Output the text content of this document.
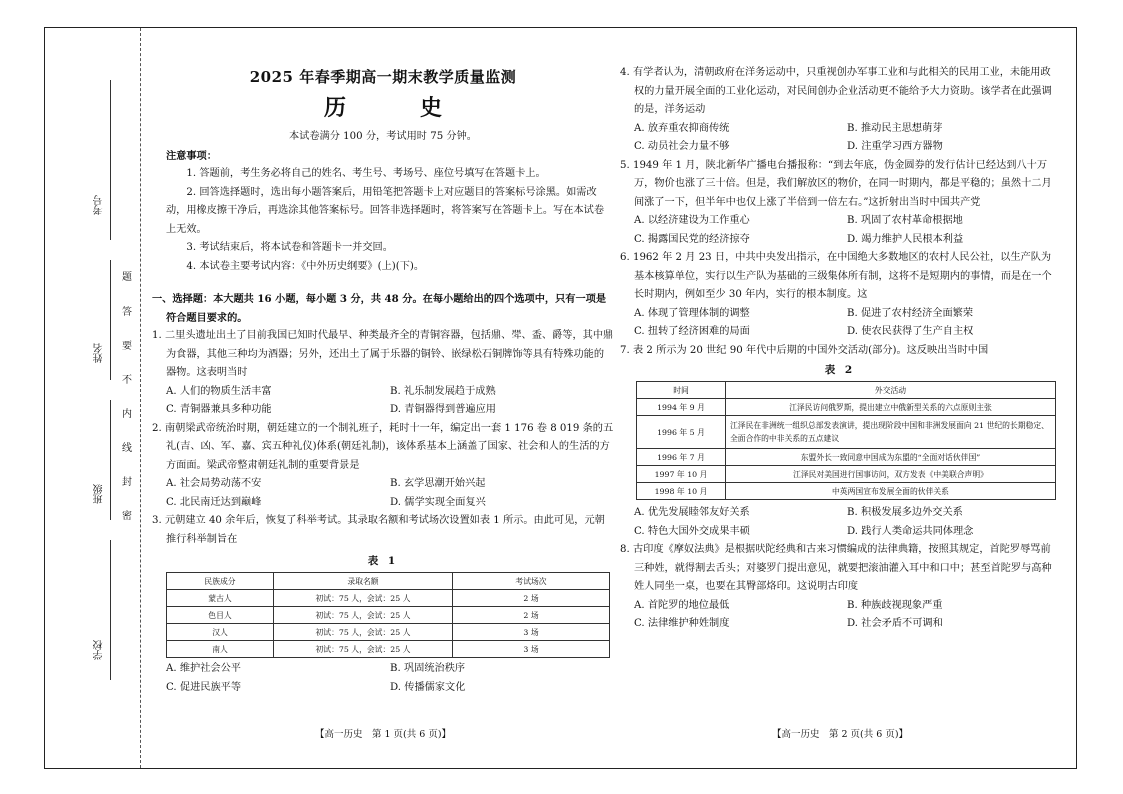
考号
姓名
班级
学校
题
答
要
不
内
线
封
密
2025 年春季期高一期末教学质量监测
历　史
本试卷满分 100 分，考试用时 75 分钟。
注意事项：
1. 答题前，考生务必将自己的姓名、考生号、考场号、座位号填写在答题卡上。
2. 回答选择题时，选出每小题答案后，用铅笔把答题卡上对应题目的答案标号涂黑。如需改动，用橡皮擦干净后，再选涂其他答案标号。回答非选择题时，将答案写在答题卡上。写在本试卷上无效。
3. 考试结束后，将本试卷和答题卡一并交回。
4. 本试卷主要考试内容：《中外历史纲要》(上)(下)。
一、选择题：本大题共 16 小题，每小题 3 分，共 48 分。在每小题给出的四个选项中，只有一项是符合题目要求的。
1. 二里头遗址出土了目前我国已知时代最早、种类最齐全的青铜容器，包括鼎、斝、盉、爵等，其中鼎为食器，其他三种均为酒器；另外，还出土了属于乐器的铜铃、嵌绿松石铜牌饰等具有特殊功能的器物。这表明当时
A. 人们的物质生活丰富	B. 礼乐制发展趋于成熟
C. 青铜器兼具多种功能	D. 青铜器得到普遍应用
2. 南朝梁武帝统治时期，朝廷建立的一个制礼班子，耗时十一年，编定出一套 1 176 卷 8 019 条的五礼(吉、凶、军、嘉、宾五种礼仪)体系(朝廷礼制)，该体系基本上涵盖了国家、社会和人的生活的方方面面。梁武帝整肃朝廷礼制的重要背景是
A. 社会局势动荡不安	B. 玄学思潮开始兴起
C. 北民南迁达到巅峰	D. 儒学实现全面复兴
3. 元朝建立 40 余年后，恢复了科举考试。其录取名额和考试场次设置如表 1 所示。由此可见，元朝推行科举制旨在
表 1
民族成分	录取名额	考试场次
蒙古人	初试：75 人，会试：25 人	2 场
色目人	初试：75 人，会试：25 人	2 场
汉人	初试：75 人，会试：25 人	3 场
南人	初试：75 人，会试：25 人	3 场
A. 维护社会公平	B. 巩固统治秩序
C. 促进民族平等	D. 传播儒家文化
【高一历史　第 1 页(共 6 页)】
4. 有学者认为，清朝政府在洋务运动中，只重视创办军事工业和与此相关的民用工业，未能用政权的力量开展全面的工业化运动，对民间创办企业活动更不能给予大力资助。该学者在此强调的是，洋务运动
A. 放弃重农抑商传统	B. 推动民主思想萌芽
C. 动员社会力量不够	D. 注重学习西方器物
5. 1949 年 1 月，陕北新华广播电台播报称：“到去年底，伪金圆券的发行估计已经达到八十万万，物价也涨了三十倍。但是，我们解放区的物价，在同一时期内，都是平稳的；虽然十二月间涨了一下，但半年中也仅上涨了半倍到一倍左右。”这折射出当时中国共产党
A. 以经济建设为工作重心	B. 巩固了农村革命根据地
C. 揭露国民党的经济掠夺	D. 竭力维护人民根本利益
6. 1962 年 2 月 23 日，中共中央发出指示，在中国绝大多数地区的农村人民公社，以生产队为基本核算单位，实行以生产队为基础的三级集体所有制，这将不是短期内的事情，而是在一个长时期内，例如至少 30 年内，实行的根本制度。这
A. 体现了管理体制的调整	B. 促进了农村经济全面繁荣
C. 扭转了经济困难的局面	D. 使农民获得了生产自主权
7. 表 2 所示为 20 世纪 90 年代中后期的中国外交活动(部分)。这反映出当时中国
表 2
时间	外交活动
1994 年 9 月	江泽民访问俄罗斯，提出建立中俄新型关系的六点原则主张
1996 年 5 月	江泽民在非洲统一组织总部发表演讲，提出现阶段中国和非洲发展面向 21 世纪的长期稳定、全面合作的中非关系的五点建议
1996 年 7 月	东盟外长一致同意中国成为东盟的“全面对话伙伴国”
1997 年 10 月	江泽民对美国进行国事访问，双方发表《中美联合声明》
1998 年 10 月	中英两国宣布发展全面的伙伴关系
A. 优先发展睦邻友好关系	B. 积极发展多边外交关系
C. 特色大国外交成果丰硕	D. 践行人类命运共同体理念
8. 古印度《摩奴法典》是根据吠陀经典和古来习惯编成的法律典籍，按照其规定，首陀罗辱骂前三种姓，就得割去舌头；对婆罗门提出意见，就要把滚油灌入耳中和口中；甚至首陀罗与高种姓人同坐一桌，也要在其臀部烙印。这说明古印度
A. 首陀罗的地位最低	B. 种族歧视现象严重
C. 法律维护种姓制度	D. 社会矛盾不可调和
【高一历史　第 2 页(共 6 页)】
